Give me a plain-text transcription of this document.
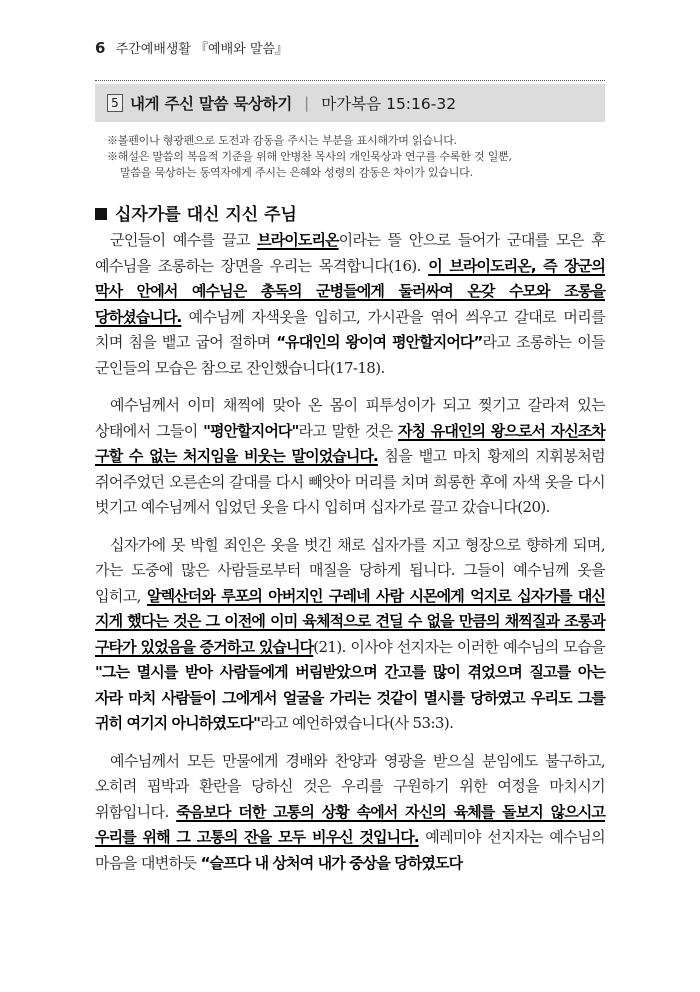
6 주간예배생활 『예배와 말씀』
5 내게 주신 말씀 묵상하기 | 마가복음 15:16-32

※볼펜이나 형광펜으로 도전과 감동을 주시는 부분을 표시해가며 읽습니다.

※해설은 말씀의 복음적 기준을 위해 안병찬 목사의 개인묵상과 연구를 수록한 것 일뿐,

말씀을 묵상하는 동역자에게 주시는 은혜와 성령의 감동은 차이가 있습니다.

십자가를 대신 지신 주님

군인들이 예수를 끌고 브라이도리온이라는 뜰 안으로 들어가 군대를 모은 후 예수님을 조롱하는 장면을 우리는 목격합니다(16). 이 브라이도리온, 즉 장군의 막사 안에서 예수님은 총독의 군병들에게 둘러싸여 온갖 수모와 조롱을 당하셨습니다. 예수님께 자색옷을 입히고, 가시관을 엮어 씌우고 갈대로 머리를 치며 침을 뱉고 굽어 절하며 “유대인의 왕이여 평안할지어다”라고 조롱하는 이들 군인들의 모습은 참으로 잔인했습니다(17-18).

예수님께서 이미 채찍에 맞아 온 몸이 피투성이가 되고 찢기고 갈라져 있는 상태에서 그들이 "평안할지어다"라고 말한 것은 자칭 유대인의 왕으로서 자신조차 구할 수 없는 처지임을 비웃는 말이었습니다. 침을 뱉고 마치 황제의 지휘봉처럼 쥐어주었던 오른손의 갈대를 다시 빼앗아 머리를 치며 희롱한 후에 자색 옷을 다시 벗기고 예수님께서 입었던 옷을 다시 입히며 십자가로 끌고 갔습니다(20).

십자가에 못 박힐 죄인은 옷을 벗긴 채로 십자가를 지고 형장으로 향하게 되며, 가는 도중에 많은 사람들로부터 매질을 당하게 됩니다. 그들이 예수님께 옷을 입히고, 알렉산더와 루포의 아버지인 구레네 사람 시몬에게 억지로 십자가를 대신 지게 했다는 것은 그 이전에 이미 육체적으로 견딜 수 없을 만큼의 채찍질과 조롱과 구타가 있었음을 증거하고 있습니다(21). 이사야 선지자는 이러한 예수님의 모습을 "그는 멸시를 받아 사람들에게 버림받았으며 간고를 많이 겪었으며 질고를 아는 자라 마치 사람들이 그에게서 얼굴을 가리는 것같이 멸시를 당하였고 우리도 그를 귀히 여기지 아니하였도다"라고 예언하였습니다(사 53:3).

예수님께서 모든 만물에게 경배와 찬양과 영광을 받으실 분임에도 불구하고, 오히려 핍박과 환란을 당하신 것은 우리를 구원하기 위한 여정을 마치시기 위함입니다. 죽음보다 더한 고통의 상황 속에서 자신의 육체를 돌보지 않으시고 우리를 위해 그 고통의 잔을 모두 비우신 것입니다. 예레미야 선지자는 예수님의 마음을 대변하듯 “슬프다 내 상처여 내가 중상을 당하였도다
